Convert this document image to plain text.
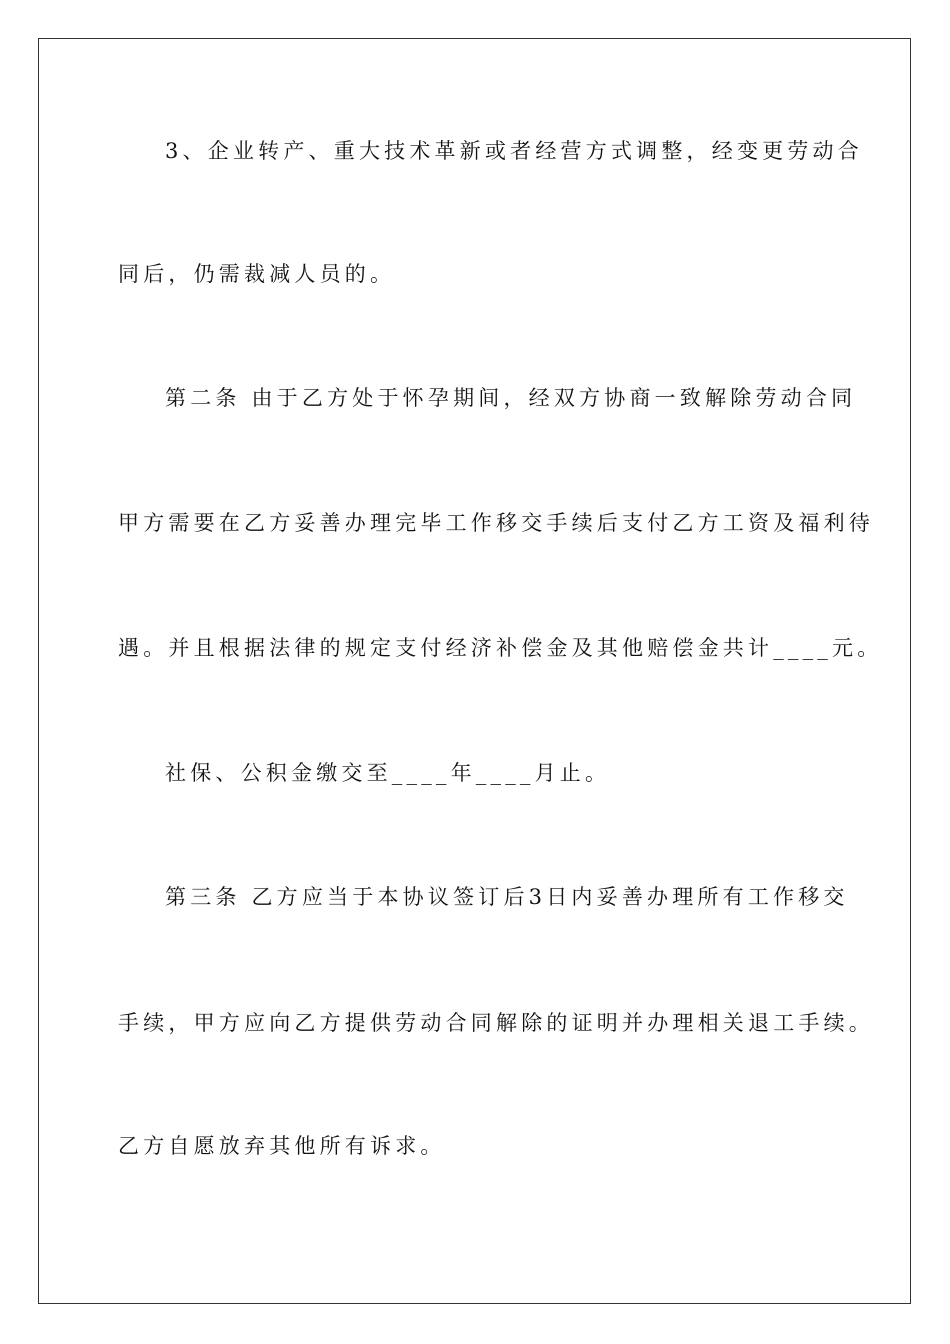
3、企业转产、重大技术革新或者经营方式调整，经变更劳动合
同后，仍需裁减人员的。
第二条 由于乙方处于怀孕期间，经双方协商一致解除劳动合同
甲方需要在乙方妥善办理完毕工作移交手续后支付乙方工资及福利待
遇。并且根据法律的规定支付经济补偿金及其他赔偿金共计____元。
社保、公积金缴交至____年____月止。
第三条 乙方应当于本协议签订后3日内妥善办理所有工作移交
手续，甲方应向乙方提供劳动合同解除的证明并办理相关退工手续。
乙方自愿放弃其他所有诉求。
